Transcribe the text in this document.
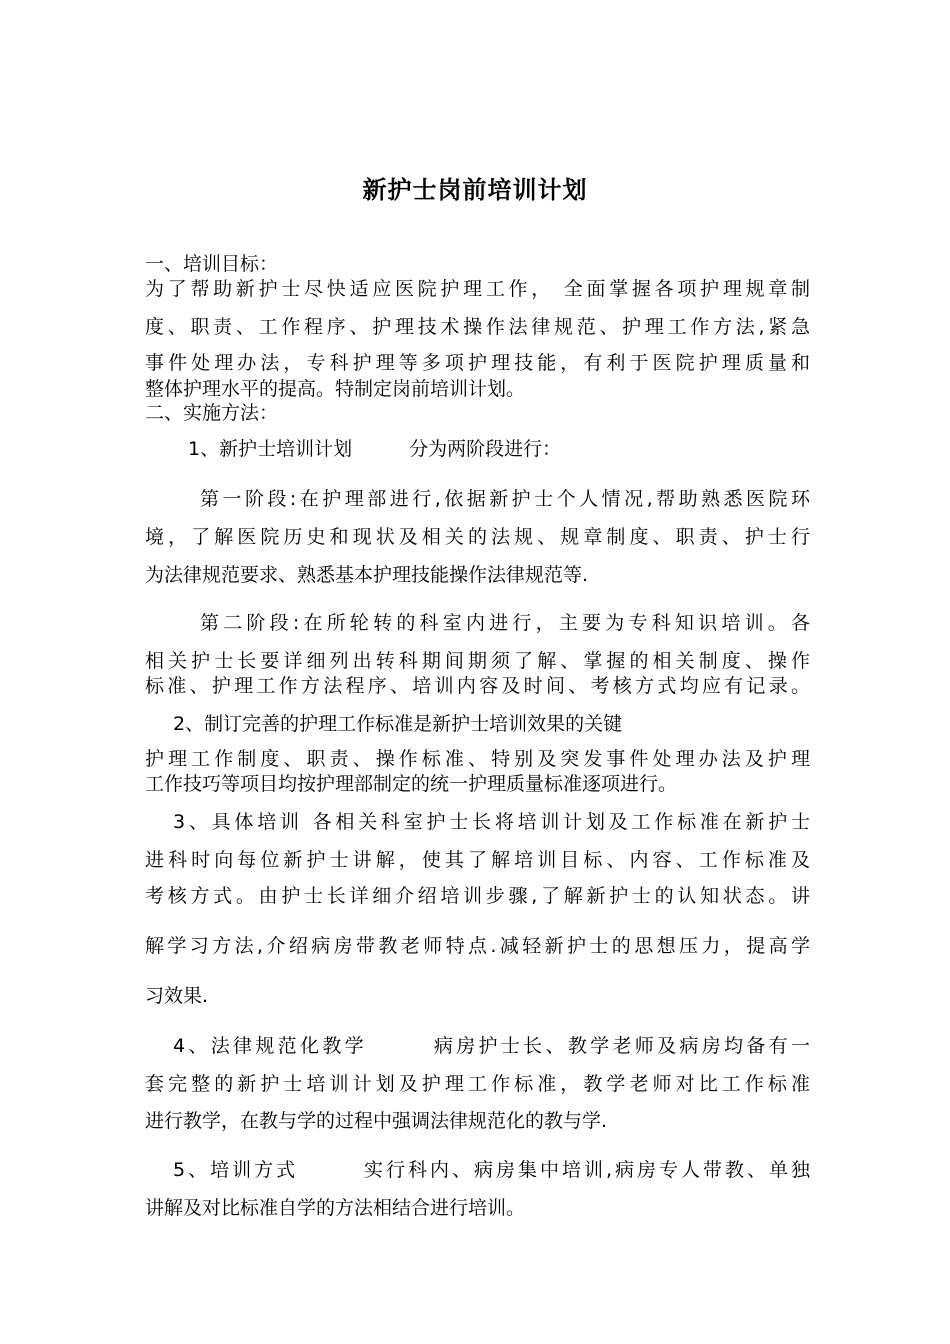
新护士岗前培训计划
一、培训目标：
为了帮助新护士尽快适应医院护理工作， 全面掌握各项护理规章制
度、职责、工作程序、护理技术操作法律规范、护理工作方法,紧急
事件处理办法，专科护理等多项护理技能，有利于医院护理质量和
整体护理水平的提高。特制定岗前培训计划。
二、实施方法：
1、新护士培训计划　　　分为两阶段进行：
第一阶段:在护理部进行,依据新护士个人情况,帮助熟悉医院环
境，了解医院历史和现状及相关的法规、规章制度、职责、护士行
为法律规范要求、熟悉基本护理技能操作法律规范等.
第二阶段:在所轮转的科室内进行，主要为专科知识培训。各
相关护士长要详细列出转科期间期须了解、掌握的相关制度、操作
标准、护理工作方法程序、培训内容及时间、考核方式均应有记录。
2、制订完善的护理工作标准是新护士培训效果的关键
护理工作制度、职责、操作标准、特别及突发事件处理办法及护理
工作技巧等项目均按护理部制定的统一护理质量标准逐项进行。
3、具体培训 各相关科室护士长将培训计划及工作标准在新护士
进科时向每位新护士讲解，使其了解培训目标、内容、工作标准及
考核方式。由护士长详细介绍培训步骤,了解新护士的认知状态。讲
解学习方法,介绍病房带教老师特点.减轻新护士的思想压力，提高学
习效果.
4、法律规范化教学　　　病房护士长、教学老师及病房均备有一
套完整的新护士培训计划及护理工作标准，教学老师对比工作标准
进行教学，在教与学的过程中强调法律规范化的教与学.
5、培训方式　　　实行科内、病房集中培训,病房专人带教、单独
讲解及对比标准自学的方法相结合进行培训。
